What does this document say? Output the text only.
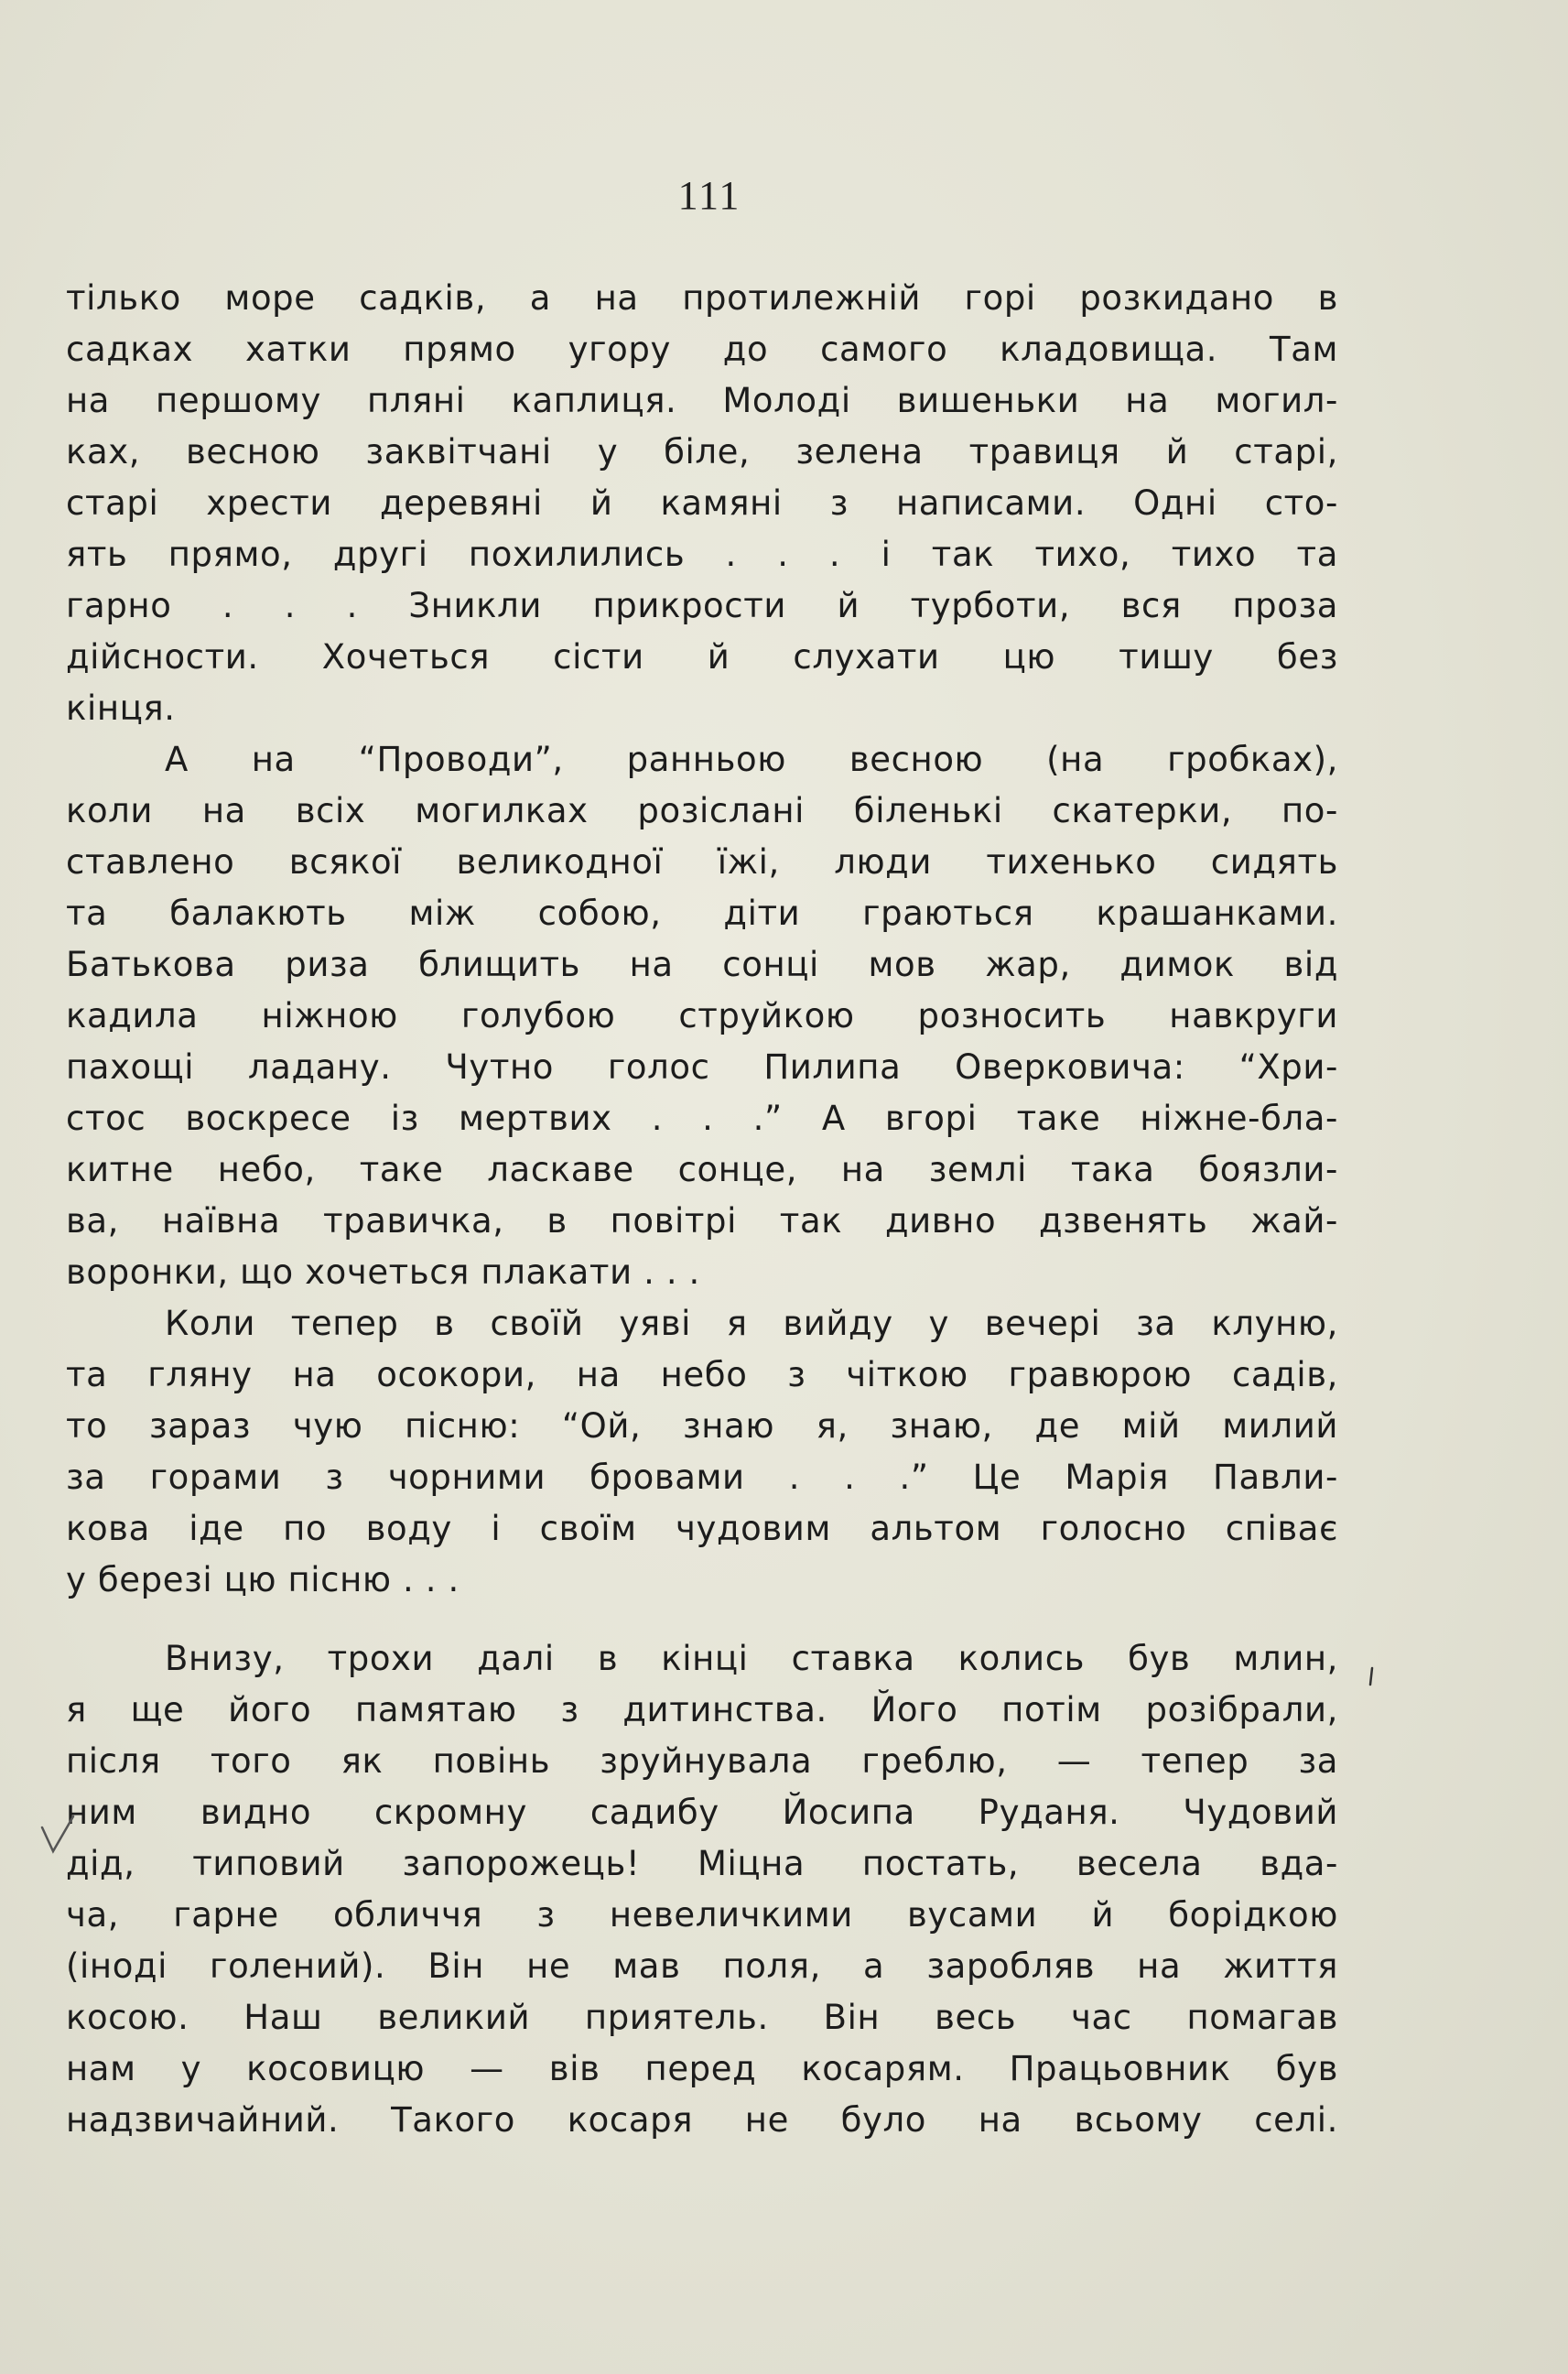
111
тілько море садків, а на протилежній горі розкидано в
садках хатки прямо угору до самого кладовища. Там
на першому пляні каплиця. Молоді вишеньки на могил-
ках, весною заквітчані у біле, зелена травиця й старі,
старі хрести деревяні й камяні з написами. Одні сто-
ять прямо, другі похилились . . . і так тихо, тихо та
гарно . . . Зникли прикрости й турботи, вся проза
дійсности. Хочеться сісти й слухати цю тишу без
кінця.
А на “Проводи”, ранньою весною (на гробках),
коли на всіх могилках розіслані біленькі скатерки, по-
ставлено всякої великодної їжі, люди тихенько сидять
та балакють між собою, діти граються крашанками.
Батькова риза блищить на сонці мов жар, димок від
кадила ніжною голубою струйкою розносить навкруги
пахощі ладану. Чутно голос Пилипа Оверковича: “Хри-
стос воскресе із мертвих . . .” А вгорі таке ніжне-бла-
китне небо, таке ласкаве сонце, на землі така боязли-
ва, наївна травичка, в повітрі так дивно дзвенять жай-
воронки, що хочеться плакати . . .
Коли тепер в своїй уяві я вийду у вечері за клуню,
та гляну на осокори, на небо з чіткою гравюрою садів,
то зараз чую пісню: “Ой, знаю я, знаю, де мій милий
за горами з чорними бровами . . .” Це Марія Павли-
кова іде по воду і своїм чудовим альтом голосно співає
у березі цю пісню . . .
Внизу, трохи далі в кінці ставка колись був млин,
я ще його памятаю з дитинства. Його потім розібрали,
після того як повінь зруйнувала греблю, — тепер за
ним видно скромну садибу Йосипа Руданя. Чудовий
дід, типовий запорожець! Міцна постать, весела вда-
ча, гарне обличчя з невеличкими вусами й борідкою
(іноді голений). Він не мав поля, а заробляв на життя
косою. Наш великий приятель. Він весь час помагав
нам у косовицю — вів перед косарям. Працьовник був
надзвичайний. Такого косаря не було на всьому селі.
